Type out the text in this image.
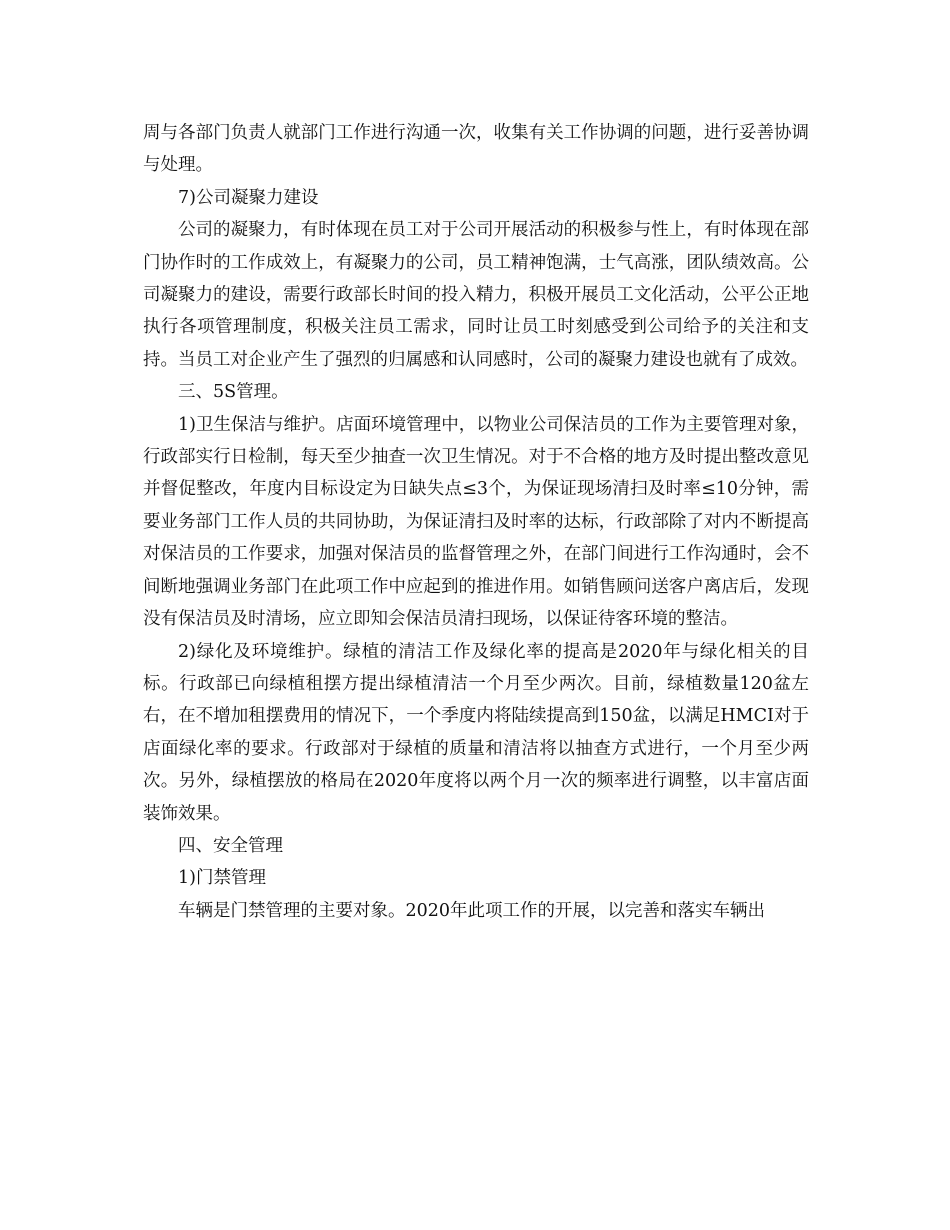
周与各部门负责人就部门工作进行沟通一次，收集有关工作协调的问题，进行妥善协调与处理。

7)公司凝聚力建设

公司的凝聚力，有时体现在员工对于公司开展活动的积极参与性上，有时体现在部门协作时的工作成效上，有凝聚力的公司，员工精神饱满，士气高涨，团队绩效高。公司凝聚力的建设，需要行政部长时间的投入精力，积极开展员工文化活动，公平公正地执行各项管理制度，积极关注员工需求，同时让员工时刻感受到公司给予的关注和支持。当员工对企业产生了强烈的归属感和认同感时，公司的凝聚力建设也就有了成效。

三、5S管理。

1)卫生保洁与维护。店面环境管理中，以物业公司保洁员的工作为主要管理对象，行政部实行日检制，每天至少抽查一次卫生情况。对于不合格的地方及时提出整改意见并督促整改，年度内目标设定为日缺失点≤3个，为保证现场清扫及时率≤10分钟，需要业务部门工作人员的共同协助，为保证清扫及时率的达标，行政部除了对内不断提高对保洁员的工作要求，加强对保洁员的监督管理之外，在部门间进行工作沟通时，会不间断地强调业务部门在此项工作中应起到的推进作用。如销售顾问送客户离店后，发现没有保洁员及时清场，应立即知会保洁员清扫现场，以保证待客环境的整洁。

2)绿化及环境维护。绿植的清洁工作及绿化率的提高是2020年与绿化相关的目标。行政部已向绿植租摆方提出绿植清洁一个月至少两次。目前，绿植数量120盆左右，在不增加租摆费用的情况下，一个季度内将陆续提高到150盆，以满足HMCI对于店面绿化率的要求。行政部对于绿植的质量和清洁将以抽查方式进行，一个月至少两次。另外，绿植摆放的格局在2020年度将以两个月一次的频率进行调整，以丰富店面装饰效果。

四、安全管理

1)门禁管理

车辆是门禁管理的主要对象。2020年此项工作的开展，以完善和落实车辆出
